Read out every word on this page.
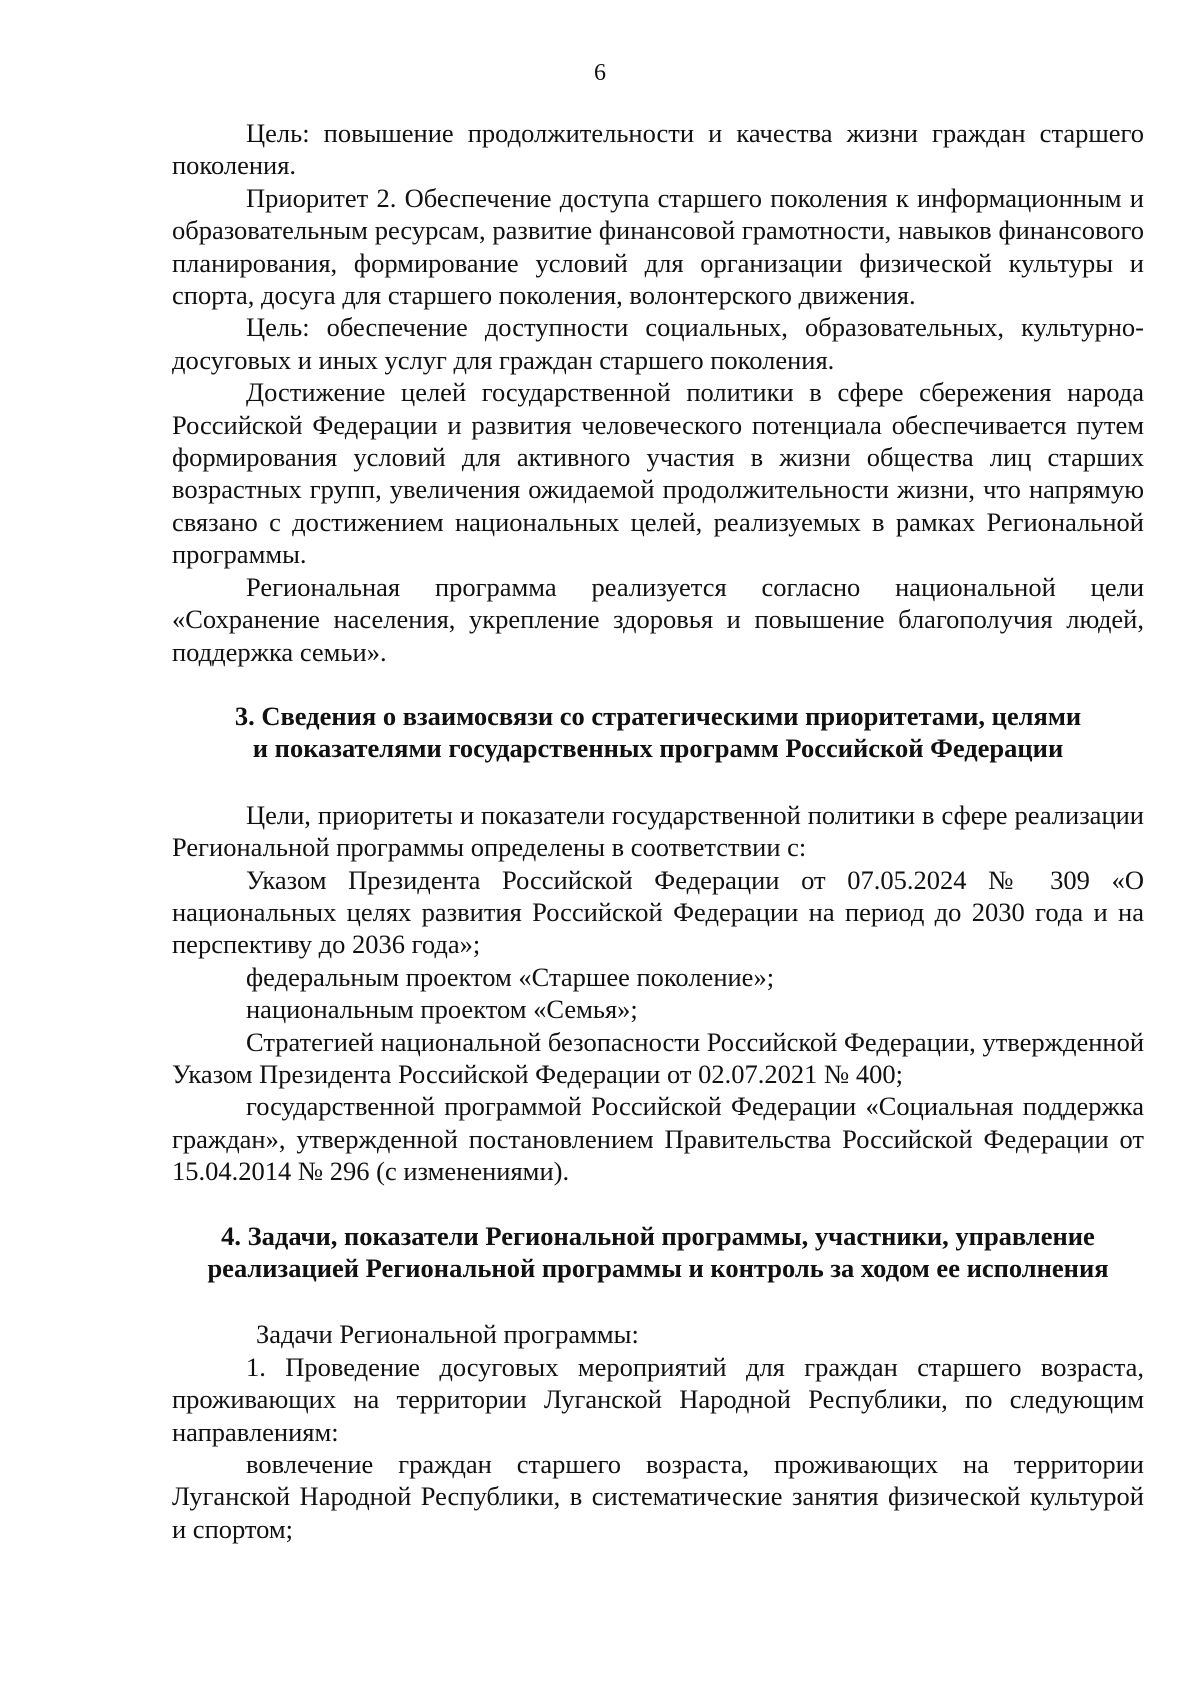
6

Цель: повышение продолжительности и качества жизни граждан старшего поколения.

Приоритет 2. Обеспечение доступа старшего поколения к информационным и образовательным ресурсам, развитие финансовой грамотности, навыков финансового планирования, формирование условий для организации физической культуры и спорта, досуга для старшего поколения, волонтерского движения.

Цель: обеспечение доступности социальных, образовательных, культурно-досуговых и иных услуг для граждан старшего поколения.

Достижение целей государственной политики в сфере сбережения народа Российской Федерации и развития человеческого потенциала обеспечивается путем формирования условий для активного участия в жизни общества лиц старших возрастных групп, увеличения ожидаемой продолжительности жизни, что напрямую связано с достижением национальных целей, реализуемых в рамках Региональной программы.

Региональная программа реализуется согласно национальной цели «Сохранение населения, укрепление здоровья и повышение благополучия людей, поддержка семьи».

3. Сведения о взаимосвязи со стратегическими приоритетами, целями

и показателями государственных программ Российской Федерации

Цели, приоритеты и показатели государственной политики в сфере реализации Региональной программы определены в соответствии с:

Указом Президента Российской Федерации от 07.05.2024 № 309 «О национальных целях развития Российской Федерации на период до 2030 года и на перспективу до 2036 года»;

федеральным проектом «Старшее поколение»;

национальным проектом «Семья»;

Стратегией национальной безопасности Российской Федерации, утвержденной Указом Президента Российской Федерации от 02.07.2021 № 400;

государственной программой Российской Федерации «Социальная поддержка граждан», утвержденной постановлением Правительства Российской Федерации от 15.04.2014 № 296 (с изменениями).

4. Задачи, показатели Региональной программы, участники, управление

реализацией Региональной программы и контроль за ходом ее исполнения

Задачи Региональной программы:

1. Проведение досуговых мероприятий для граждан старшего возраста, проживающих на территории Луганской Народной Республики, по следующим направлениям:

вовлечение граждан старшего возраста, проживающих на территории Луганской Народной Республики, в систематические занятия физической культурой и спортом;
